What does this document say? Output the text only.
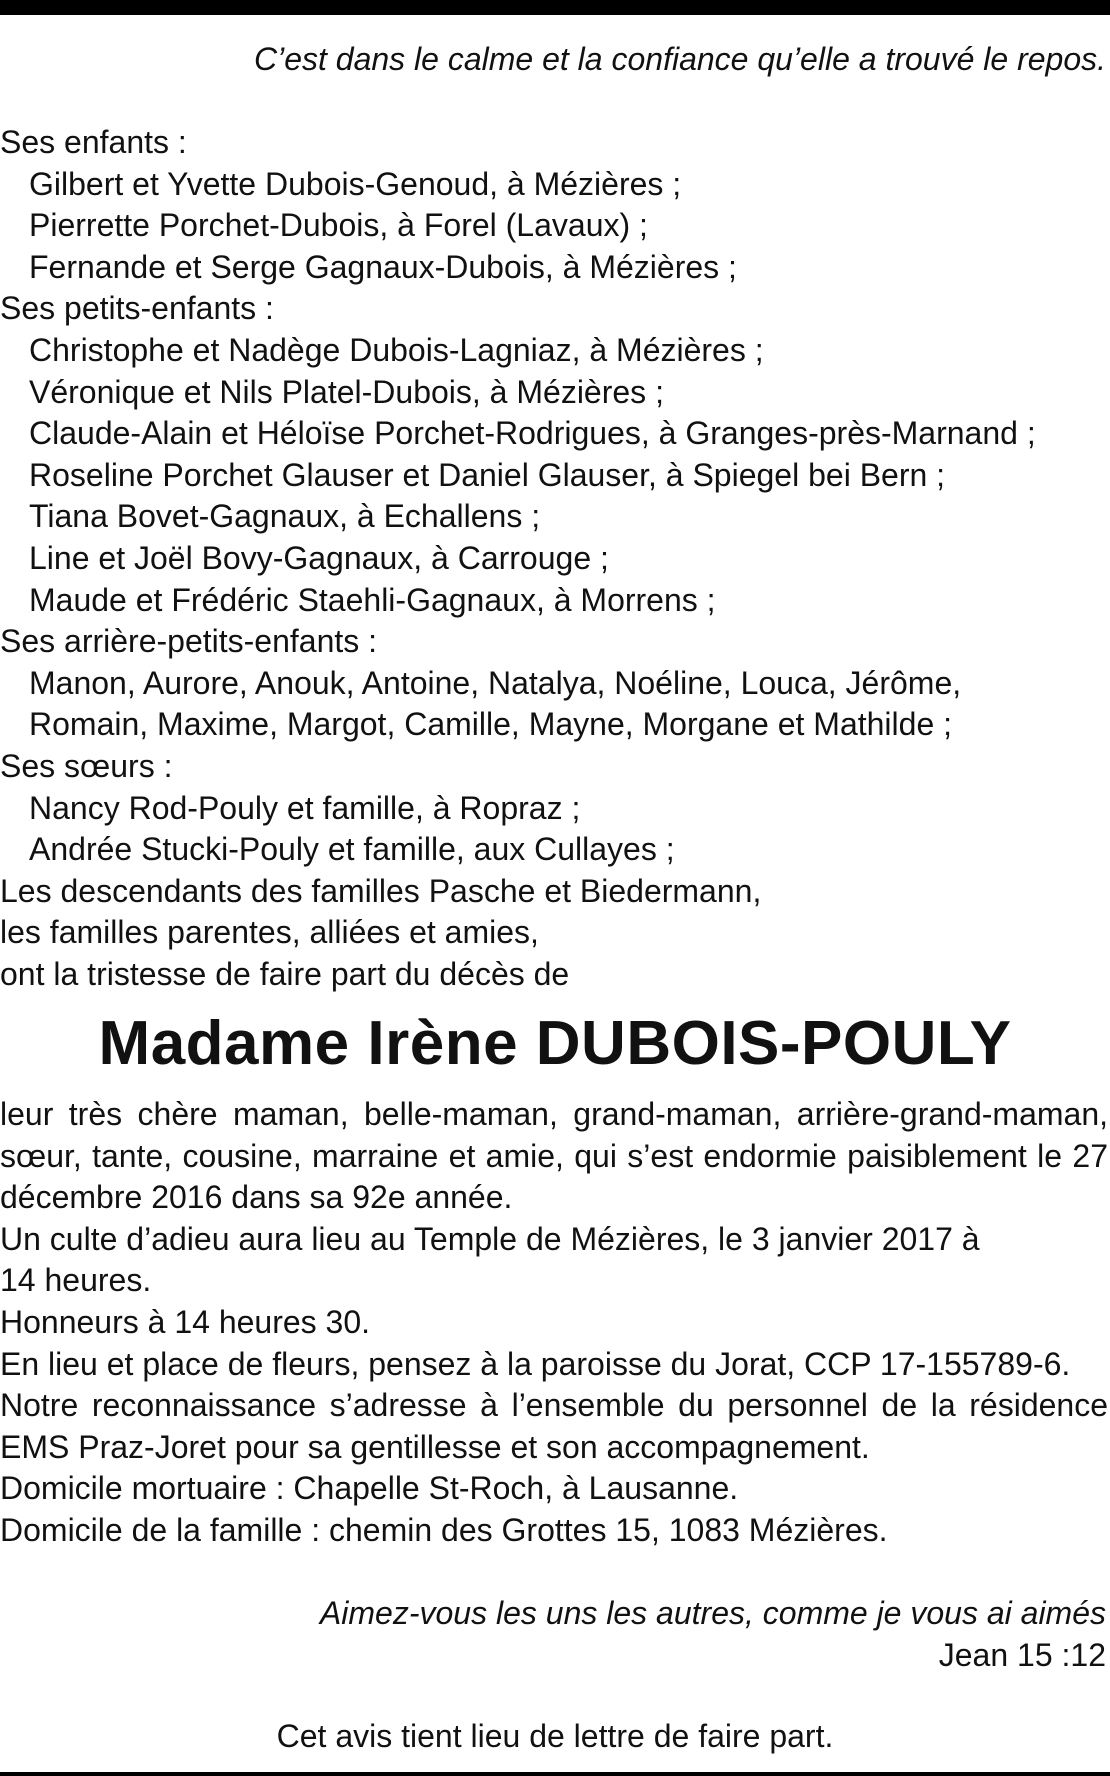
C’est dans le calme et la confiance qu’elle a trouvé le repos.
Ses enfants :
Gilbert et Yvette Dubois-Genoud, à Mézières ;
Pierrette Porchet-Dubois, à Forel (Lavaux) ;
Fernande et Serge Gagnaux-Dubois, à Mézières ;
Ses petits-enfants :
Christophe et Nadège Dubois-Lagniaz, à Mézières ;
Véronique et Nils Platel-Dubois, à Mézières ;
Claude-Alain et Héloïse Porchet-Rodrigues, à Granges-près-Marnand ;
Roseline Porchet Glauser et Daniel Glauser, à Spiegel bei Bern ;
Tiana Bovet-Gagnaux, à Echallens ;
Line et Joël Bovy-Gagnaux, à Carrouge ;
Maude et Frédéric Staehli-Gagnaux, à Morrens ;
Ses arrière-petits-enfants :
Manon, Aurore, Anouk, Antoine, Natalya, Noéline, Louca, Jérôme,
Romain, Maxime, Margot, Camille, Mayne, Morgane et Mathilde ;
Ses sœurs :
Nancy Rod-Pouly et famille, à Ropraz ;
Andrée Stucki-Pouly et famille, aux Cullayes ;
Les descendants des familles Pasche et Biedermann,
les familles parentes, alliées et amies,
ont la tristesse de faire part du décès de
Madame Irène DUBOIS-POULY
leur très chère maman, belle-maman, grand-maman, arrière-grand-maman, sœur, tante, cousine, marraine et amie, qui s’est endormie paisiblement le 27 décembre 2016 dans sa 92e année.
Un culte d’adieu aura lieu au Temple de Mézières, le 3 janvier 2017 à
14 heures.
Honneurs à 14 heures 30.
En lieu et place de fleurs, pensez à la paroisse du Jorat, CCP 17-155789-6.
Notre reconnaissance s’adresse à l’ensemble du personnel de la résidence EMS Praz-Joret pour sa gentillesse et son accompagnement.
Domicile mortuaire : Chapelle St-Roch, à Lausanne.
Domicile de la famille : chemin des Grottes 15, 1083 Mézières.
Aimez-vous les uns les autres, comme je vous ai aimés
Jean 15 :12
Cet avis tient lieu de lettre de faire part.
